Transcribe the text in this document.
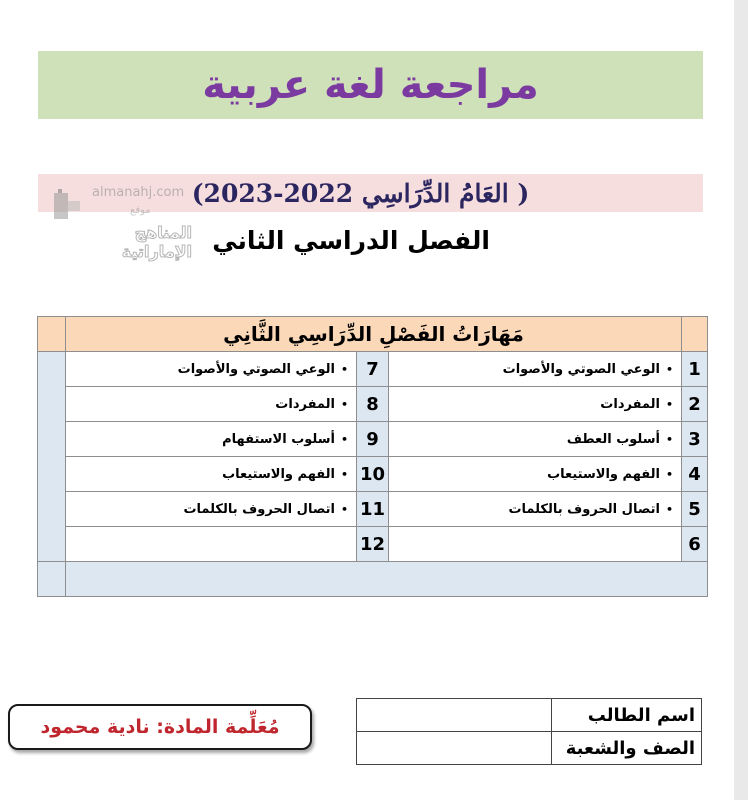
مراجعة لغة عربية
( العَامُ الدِّرَاسِي 2022-2023)
almanahj.com
موقع
المناهج الإماراتية الفصل الدراسي الثاني
	مَهَارَاتُ الفَصْلِ الدِّرَاسِي الثَّانِي			
1	•الوعي الصوتي والأصوات	7	•الوعي الصوتي والأصوات	
2	•المفردات	8	•المفردات	
3	•أسلوب العطف	9	•أسلوب الاستفهام	
4	•الفهم والاستيعاب	10	•الفهم والاستيعاب	
5	•اتصال الحروف بالكلمات	11	•اتصال الحروف بالكلمات	
6		12		

مُعَلِّمة المادة: نادية محمود
اسم الطالب	
الصف والشعبة	
